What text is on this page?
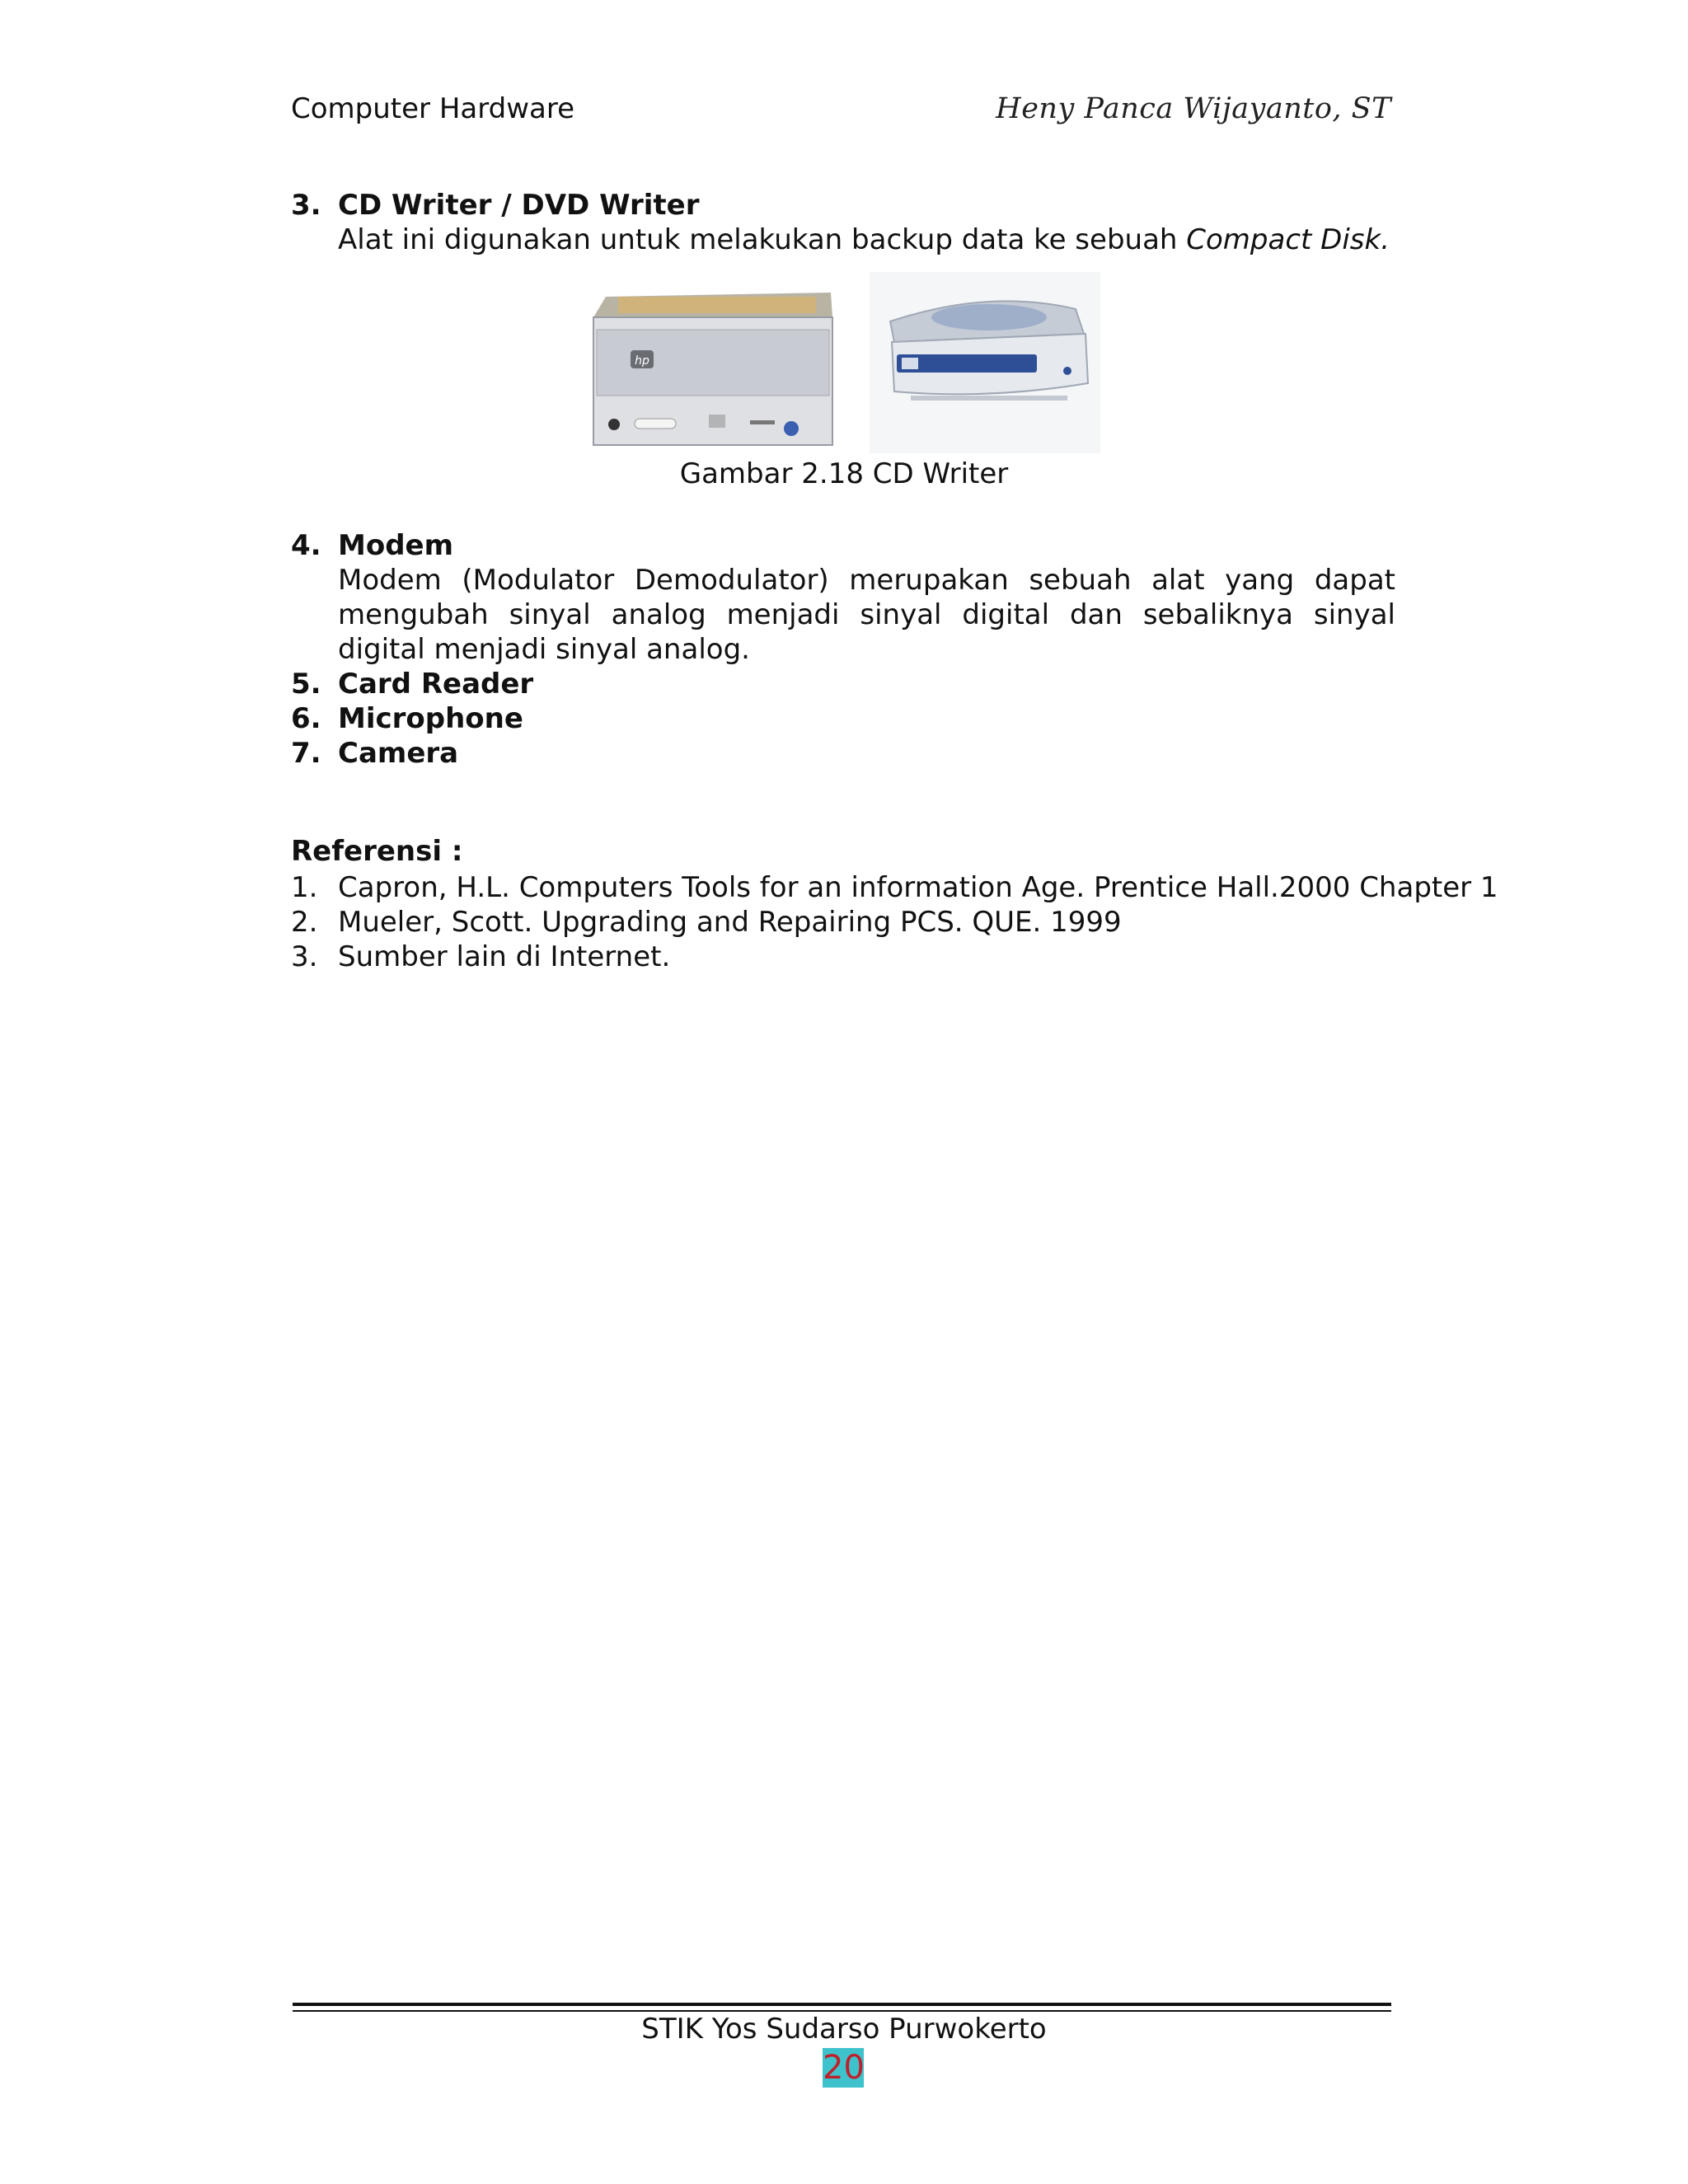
Computer Hardware	Heny Panca Wijayanto, ST
3. CD Writer / DVD Writer
Alat ini digunakan untuk melakukan backup data ke sebuah Compact Disk.
hp
Gambar 2.18 CD Writer
4. Modem
Modem (Modulator Demodulator) merupakan sebuah alat yang dapat mengubah sinyal analog menjadi sinyal digital dan sebaliknya sinyal digital menjadi sinyal analog.
5. Card Reader
6. Microphone
7. Camera
Referensi :
1. Capron, H.L. Computers Tools for an information Age. Prentice Hall.2000 Chapter 1
2. Mueler, Scott. Upgrading and Repairing PCS. QUE. 1999
3. Sumber lain di Internet.
STIK Yos Sudarso Purwokerto
20
